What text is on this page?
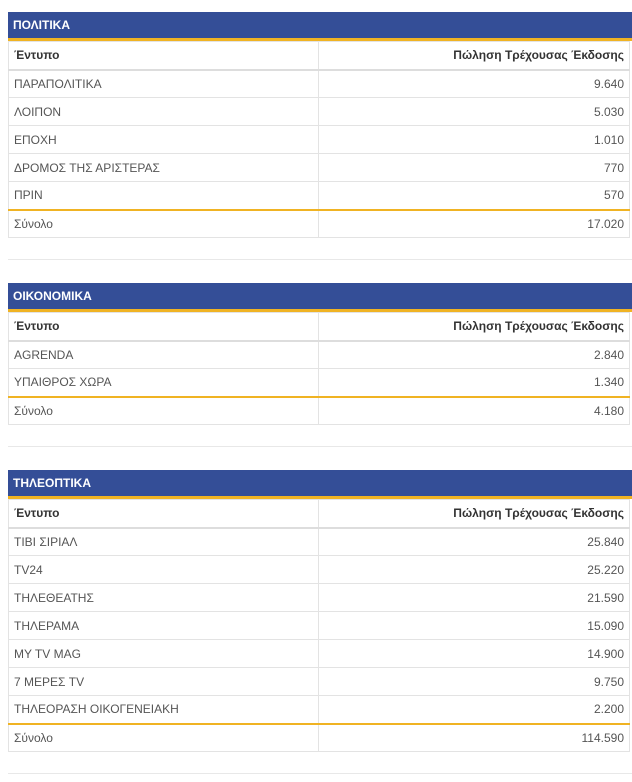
ΠΟΛΙΤΙΚΑ
Έντυπο	Πώληση Τρέχουσας Έκδοσης
ΠΑΡΑΠΟΛΙΤΙΚΑ	9.640
ΛΟΙΠΟΝ	5.030
ΕΠΟΧΗ	1.010
ΔΡΟΜΟΣ ΤΗΣ ΑΡΙΣΤΕΡΑΣ	770
ΠΡΙΝ	570
Σύνολο	17.020
ΟΙΚΟΝΟΜΙΚΑ
Έντυπο	Πώληση Τρέχουσας Έκδοσης
AGRENDA	2.840
ΥΠΑΙΘΡΟΣ ΧΩΡΑ	1.340
Σύνολο	4.180
ΤΗΛΕΟΠΤΙΚΑ
Έντυπο	Πώληση Τρέχουσας Έκδοσης
ΤΙΒΙ ΣΙΡΙΑΛ	25.840
TV24	25.220
ΤΗΛΕΘΕΑΤΗΣ	21.590
ΤΗΛΕΡΑΜΑ	15.090
MY TV MAG	14.900
7 ΜΕΡΕΣ TV	9.750
ΤΗΛΕΟΡΑΣΗ ΟΙΚΟΓΕΝΕΙΑΚΗ	2.200
Σύνολο	114.590
